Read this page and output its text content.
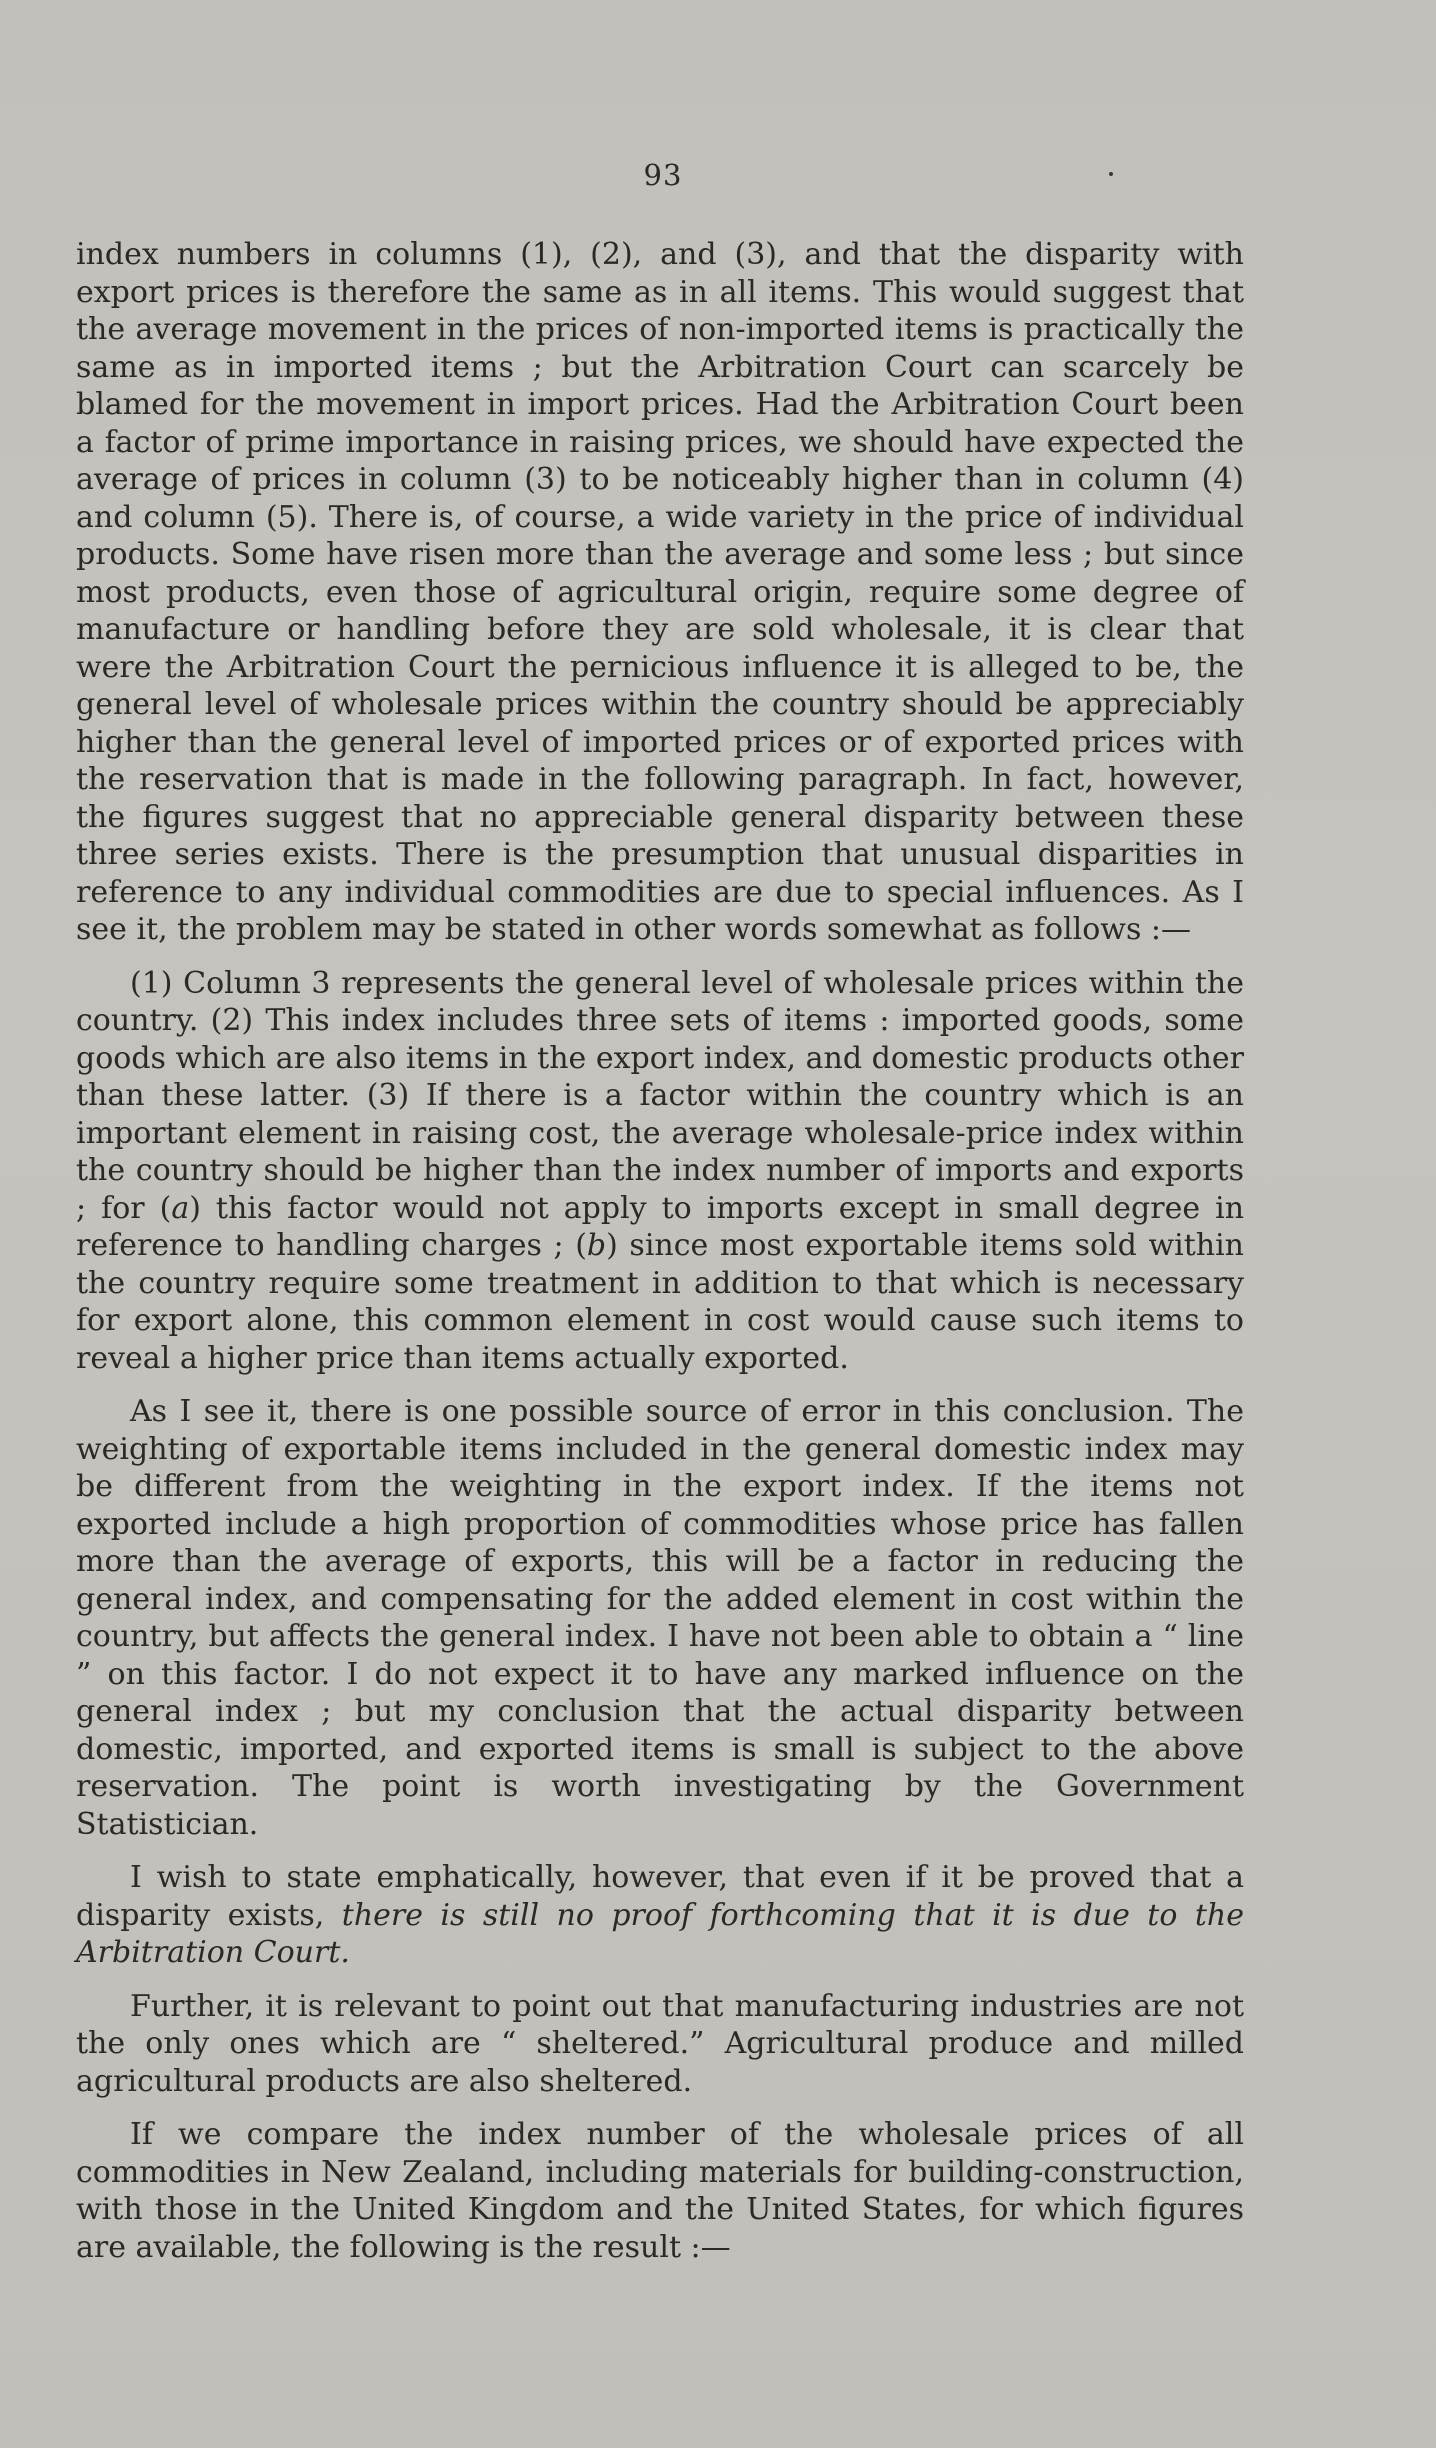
93

index numbers in columns (1), (2), and (3), and that the disparity with export prices is therefore the same as in all items. This would suggest that the average movement in the prices of non-imported items is practically the same as in imported items ; but the Arbitration Court can scarcely be blamed for the movement in import prices. Had the Arbitration Court been a factor of prime importance in raising prices, we should have expected the average of prices in column (3) to be noticeably higher than in column (4) and column (5). There is, of course, a wide variety in the price of individual products. Some have risen more than the average and some less ; but since most products, even those of agricultural origin, require some degree of manufacture or handling before they are sold wholesale, it is clear that were the Arbitration Court the pernicious influence it is alleged to be, the general level of wholesale prices within the country should be appreciably higher than the general level of imported prices or of exported prices with the reservation that is made in the following paragraph. In fact, however, the figures suggest that no appreciable general disparity between these three series exists. There is the presumption that unusual disparities in reference to any individual commodities are due to special influences. As I see it, the problem may be stated in other words somewhat as follows :—

(1) Column 3 represents the general level of wholesale prices within the country. (2) This index includes three sets of items : imported goods, some goods which are also items in the export index, and domestic products other than these latter. (3) If there is a factor within the country which is an important element in raising cost, the average wholesale-price index within the country should be higher than the index number of imports and exports ; for (a) this factor would not apply to imports except in small degree in reference to handling charges ; (b) since most exportable items sold within the country require some treatment in addition to that which is necessary for export alone, this common element in cost would cause such items to reveal a higher price than items actually exported.

As I see it, there is one possible source of error in this conclusion. The weighting of exportable items included in the general domestic index may be different from the weighting in the export index. If the items not exported include a high proportion of commodities whose price has fallen more than the average of exports, this will be a factor in reducing the general index, and compensating for the added element in cost within the country, but affects the general index. I have not been able to obtain a “ line ” on this factor. I do not expect it to have any marked influence on the general index ; but my conclusion that the actual disparity between domestic, imported, and exported items is small is subject to the above reservation. The point is worth investigating by the Government Statistician.

I wish to state emphatically, however, that even if it be proved that a disparity exists, there is still no proof forthcoming that it is due to the Arbitration Court.

Further, it is relevant to point out that manufacturing industries are not the only ones which are “ sheltered.” Agricultural produce and milled agricultural products are also sheltered.

If we compare the index number of the wholesale prices of all commodities in New Zealand, including materials for building-construction, with those in the United Kingdom and the United States, for which figures are available, the following is the result :—
